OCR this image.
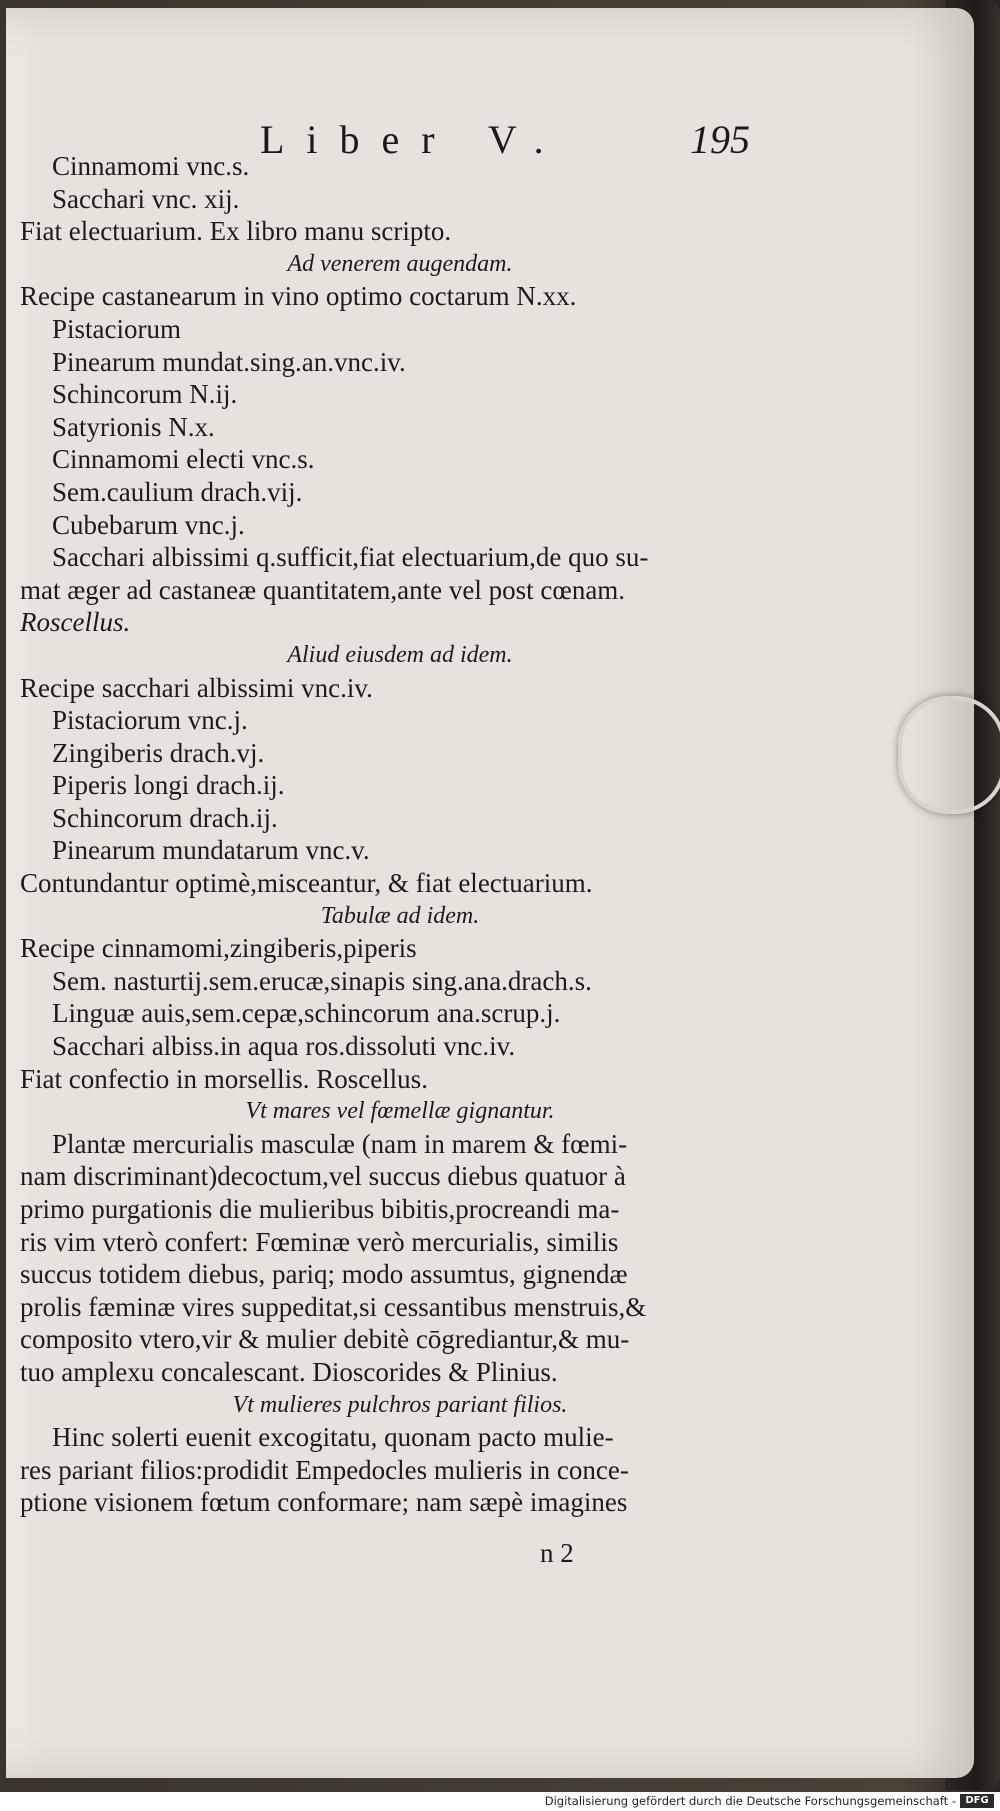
Liber V.	195
Cinnamomi vnc.s.
Sacchari vnc. xij.
Fiat electuarium. Ex libro manu scripto.
Ad venerem augendam.
Recipe castanearum in vino optimo coctarum N.xx.
Pistaciorum
Pinearum mundat.sing.an.vnc.iv.
Schincorum N.ij.
Satyrionis N.x.
Cinnamomi electi vnc.s.
Sem.caulium drach.vij.
Cubebarum vnc.j.
Sacchari albissimi q.sufficit,fiat electuarium,de quo su-
mat æger ad castaneæ quantitatem,ante vel post cœnam.
Roscellus.
Aliud eiusdem ad idem.
Recipe sacchari albissimi vnc.iv.
Pistaciorum vnc.j.
Zingiberis drach.vj.
Piperis longi drach.ij.
Schincorum drach.ij.
Pinearum mundatarum vnc.v.
Contundantur optimè,misceantur, & fiat electuarium.
Tabulæ ad idem.
Recipe cinnamomi,zingiberis,piperis
Sem. nasturtij.sem.erucæ,sinapis sing.ana.drach.s.
Linguæ auis,sem.cepæ,schincorum ana.scrup.j.
Sacchari albiss.in aqua ros.dissoluti vnc.iv.
Fiat confectio in morsellis. Roscellus.
Vt mares vel fœmellæ gignantur.
Plantæ mercurialis masculæ (nam in marem & fœmi-
nam discriminant)decoctum,vel succus diebus quatuor à
primo purgationis die mulieribus bibitis,procreandi ma-
ris vim vterò confert: Fœminæ verò mercurialis, similis
succus totidem diebus, pariq; modo assumtus, gignendæ
prolis fæminæ vires suppeditat,si cessantibus menstruis,&
composito vtero,vir & mulier debitè cōgrediantur,& mu-
tuo amplexu concalescant. Dioscorides & Plinius.
Vt mulieres pulchros pariant filios.
Hinc solerti euenit excogitatu, quonam pacto mulie-
res pariant filios:prodidit Empedocles mulieris in conce-
ptione visionem fœtum conformare; nam sæpè imagines
n 2
Digitalisierung gefördert durch die Deutsche Forschungsgemeinschaft - DFG
